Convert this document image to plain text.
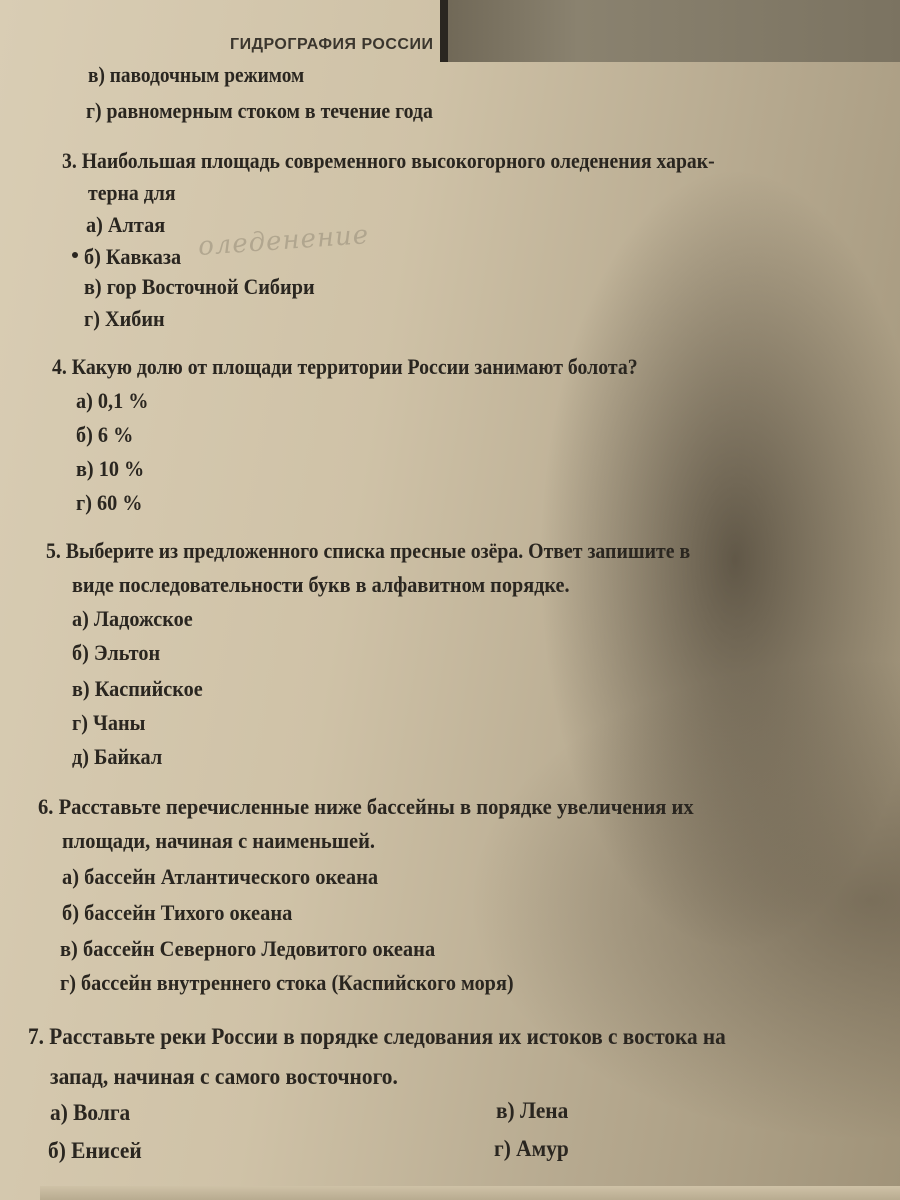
ГИДРОГРАФИЯ РОССИИ
в) паводочным режимом
г) равномерным стоком в течение года
3. Наибольшая площадь современного высокогорного оледенения харак-
терна для
а) Алтая
б) Кавказа оледенение
в) гор Восточной Сибири
г) Хибин
4. Какую долю от площади территории России занимают болота?
а) 0,1 %
б) 6 %
в) 10 %
г) 60 %
5. Выберите из предложенного списка пресные озёра. Ответ запишите в
виде последовательности букв в алфавитном порядке.
а) Ладожское
б) Эльтон
в) Каспийское
г) Чаны
д) Байкал
6. Расставьте перечисленные ниже бассейны в порядке увеличения их
площади, начиная с наименьшей.
а) бассейн Атлантического океана
б) бассейн Тихого океана
в) бассейн Северного Ледовитого океана
г) бассейн внутреннего стока (Каспийского моря)
7. Расставьте реки России в порядке следования их истоков с востока на
запад, начиная с самого восточного.
а) Волга
б) Енисей
в) Лена
г) Амур
